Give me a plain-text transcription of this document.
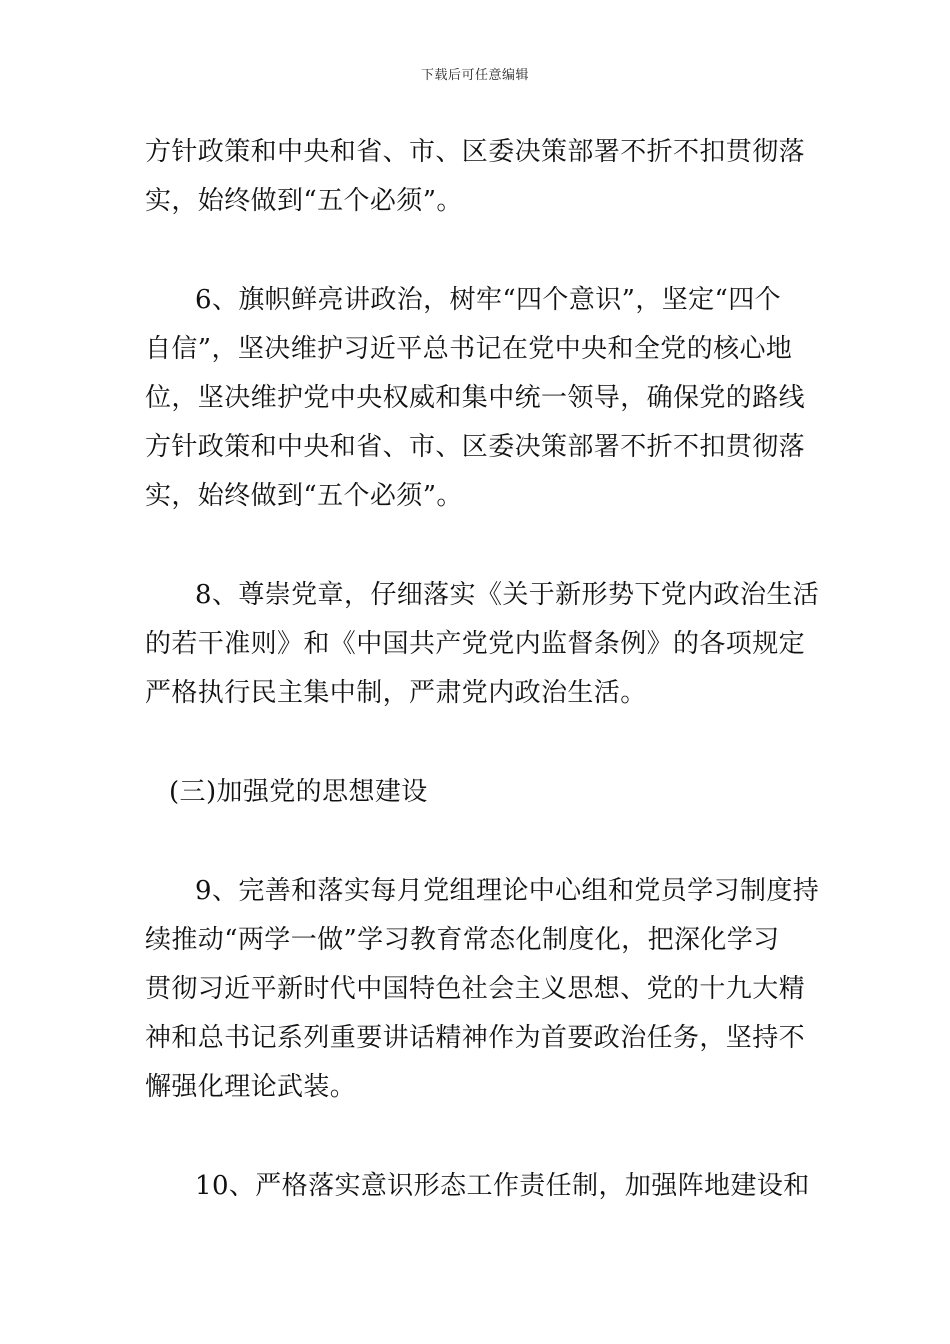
下载后可任意编辑

方针政策和中央和省、市、区委决策部署不折不扣贯彻落
实，始终做到“五个必须”。

6、旗帜鲜亮讲政治，树牢“四个意识”，坚定“四个
自信”，坚决维护习近平总书记在党中央和全党的核心地
位，坚决维护党中央权威和集中统一领导，确保党的路线
方针政策和中央和省、市、区委决策部署不折不扣贯彻落
实，始终做到“五个必须”。

8、尊崇党章，仔细落实《关于新形势下党内政治生活
的若干准则》和《中国共产党党内监督条例》的各项规定
严格执行民主集中制，严肃党内政治生活。

(三)加强党的思想建设

9、完善和落实每月党组理论中心组和党员学习制度持
续推动“两学一做”学习教育常态化制度化，把深化学习
贯彻习近平新时代中国特色社会主义思想、党的十九大精
神和总书记系列重要讲话精神作为首要政治任务，坚持不
懈强化理论武装。

10、严格落实意识形态工作责任制，加强阵地建设和
